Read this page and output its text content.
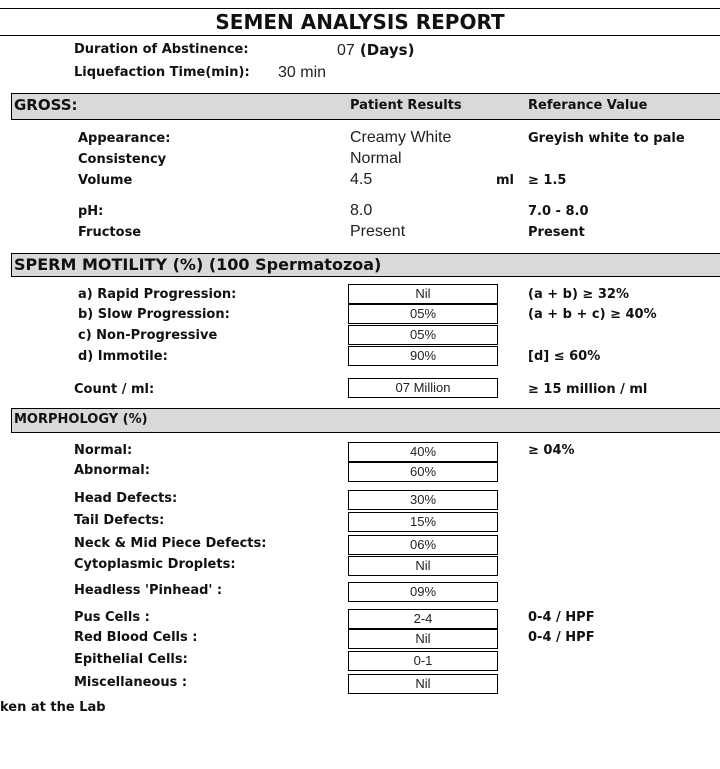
SEMEN ANALYSIS REPORT
Duration of Abstinence:	07 (Days)
Liquefaction Time(min): 30 min
GROSS:	Patient Results	Referance Value
Appearance:	Creamy White	Greyish white to pale
Consistency	Normal
Volume	4.5	ml ≥ 1.5
pH:	8.0	7.0 - 8.0
Fructose	Present	Present
SPERM MOTILITY (%) (100 Spermatozoa)
a) Rapid Progression:	Nil	(a + b) ≥ 32%
b) Slow Progression:	05%	(a + b + c) ≥ 40%
c) Non-Progressive	05%
d) Immotile:	90%	[d] ≤ 60%
Count / ml:	07 Million	≥ 15 million / ml
MORPHOLOGY (%)
Normal:	40%	≥ 04%
Abnormal:	60%
Head Defects:	30%
Tail Defects:	15%
Neck & Mid Piece Defects:	06%
Cytoplasmic Droplets:	Nil
Headless 'Pinhead' :	09%
Pus Cells :	2-4	0-4 / HPF
Red Blood Cells :	Nil	0-4 / HPF
Epithelial Cells:	0-1
Miscellaneous :	Nil
ken at the Lab
